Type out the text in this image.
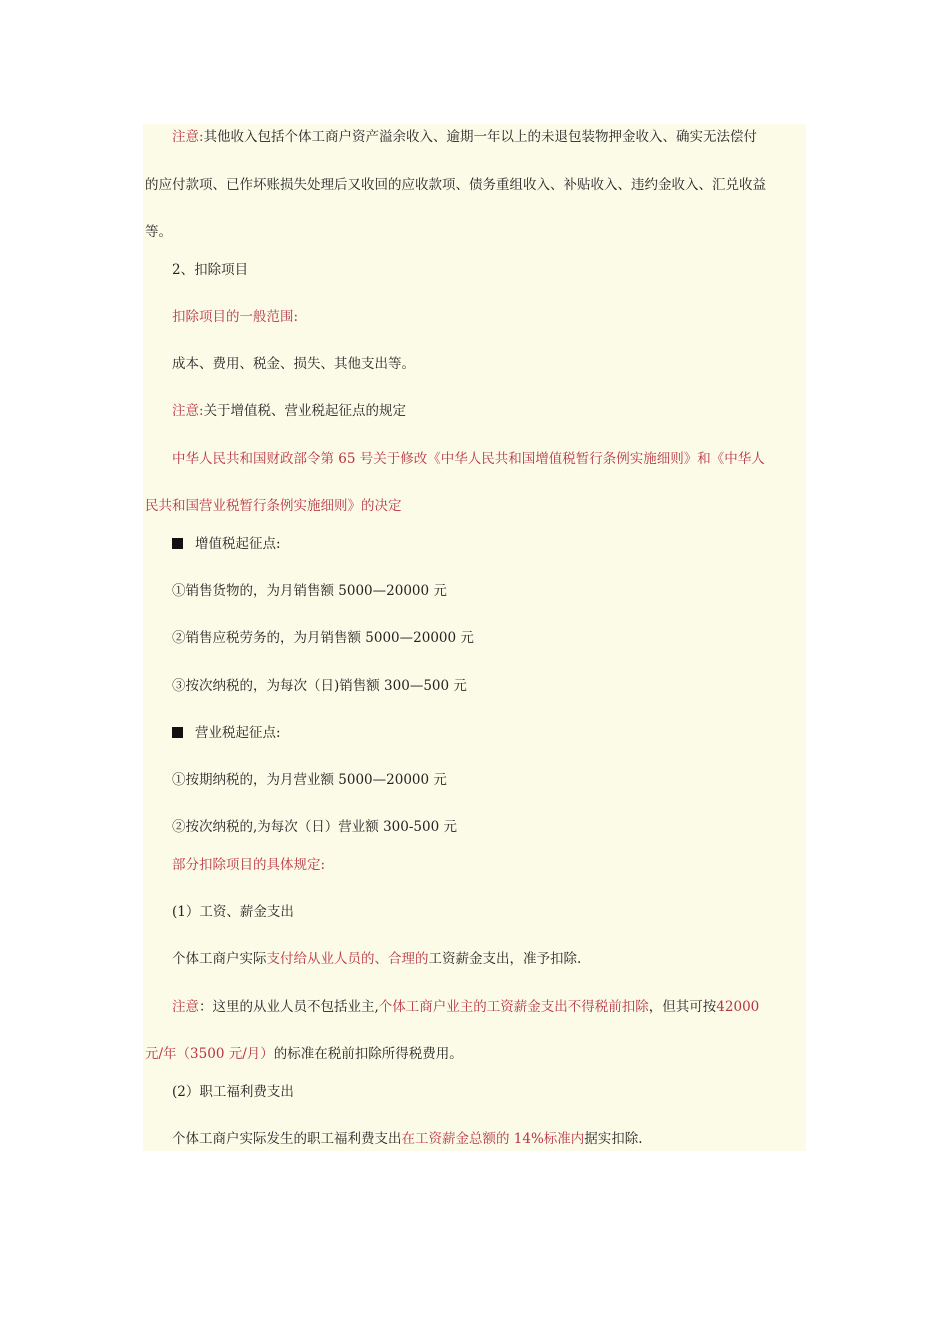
注意:其他收入包括个体工商户资产溢余收入、逾期一年以上的未退包装物押金收入、确实无法偿付

的应付款项、已作坏账损失处理后又收回的应收款项、债务重组收入、补贴收入、违约金收入、汇兑收益

等。

2、扣除项目

扣除项目的一般范围:

成本、费用、税金、损失、其他支出等。

注意:关于增值税、营业税起征点的规定

中华人民共和国财政部令第 65 号关于修改《中华人民共和国增值税暂行条例实施细则》和《中华人

民共和国营业税暂行条例实施细则》的决定

增值税起征点:

①销售货物的，为月销售额 5000—20000 元

②销售应税劳务的，为月销售额 5000—20000 元

③按次纳税的，为每次（日)销售额 300—500 元

营业税起征点:

①按期纳税的，为月营业额 5000—20000 元

②按次纳税的,为每次（日）营业额 300-500 元

部分扣除项目的具体规定:

(1）工资、薪金支出

个体工商户实际支付给从业人员的、合理的工资薪金支出，准予扣除.

注意：这里的从业人员不包括业主,个体工商户业主的工资薪金支出不得税前扣除，但其可按42000

元/年（3500 元/月）的标准在税前扣除所得税费用。

(2）职工福利费支出

个体工商户实际发生的职工福利费支出在工资薪金总额的 14%标准内据实扣除.
